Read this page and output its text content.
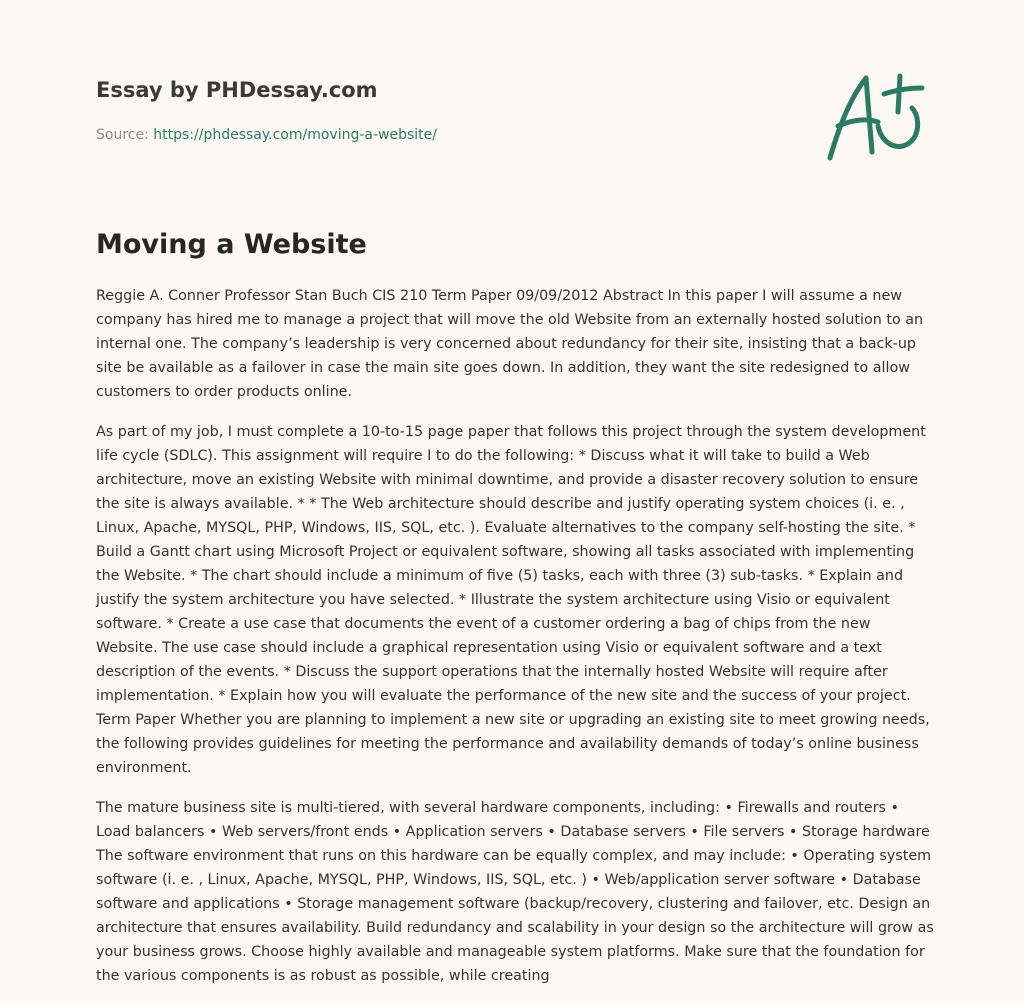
Essay by PHDessay.com
Source: https://phdessay.com/moving-a-website/
Moving a Website

Reggie A. Conner Professor Stan Buch CIS 210 Term Paper 09/09/2012 Abstract In this paper I will assume a new company has hired me to manage a project that will move the old Website from an externally hosted solution to an internal one. The company’s leadership is very concerned about redundancy for their site, insisting that a back-up site be available as a failover in case the main site goes down. In addition, they want the site redesigned to allow customers to order products online.

As part of my job, I must complete a 10-to-15 page paper that follows this project through the system development life cycle (SDLC). This assignment will require I to do the following: * Discuss what it will take to build a Web architecture, move an existing Website with minimal downtime, and provide a disaster recovery solution to ensure the site is always available. * * The Web architecture should describe and justify operating system choices (i. e. , Linux, Apache, MYSQL, PHP, Windows, IIS, SQL, etc. ). Evaluate alternatives to the company self-hosting the site. * Build a Gantt chart using Microsoft Project or equivalent software, showing all tasks associated with implementing the Website. * The chart should include a minimum of five (5) tasks, each with three (3) sub-tasks. * Explain and justify the system architecture you have selected. * Illustrate the system architecture using Visio or equivalent software. * Create a use case that documents the event of a customer ordering a bag of chips from the new Website. The use case should include a graphical representation using Visio or equivalent software and a text description of the events. * Discuss the support operations that the internally hosted Website will require after implementation. * Explain how you will evaluate the performance of the new site and the success of your project. Term Paper Whether you are planning to implement a new site or upgrading an existing site to meet growing needs, the following provides guidelines for meeting the performance and availability demands of today’s online business environment.

The mature business site is multi-tiered, with several hardware components, including: • Firewalls and routers • Load balancers • Web servers/front ends • Application servers • Database servers • File servers • Storage hardware The software environment that runs on this hardware can be equally complex, and may include: • Operating system software (i. e. , Linux, Apache, MYSQL, PHP, Windows, IIS, SQL, etc. ) • Web/application server software • Database software and applications • Storage management software (backup/recovery, clustering and failover, etc. Design an architecture that ensures availability. Build redundancy and scalability in your design so the architecture will grow as your business grows. Choose highly available and manageable system platforms. Make sure that the foundation for the various components is as robust as possible, while creating
